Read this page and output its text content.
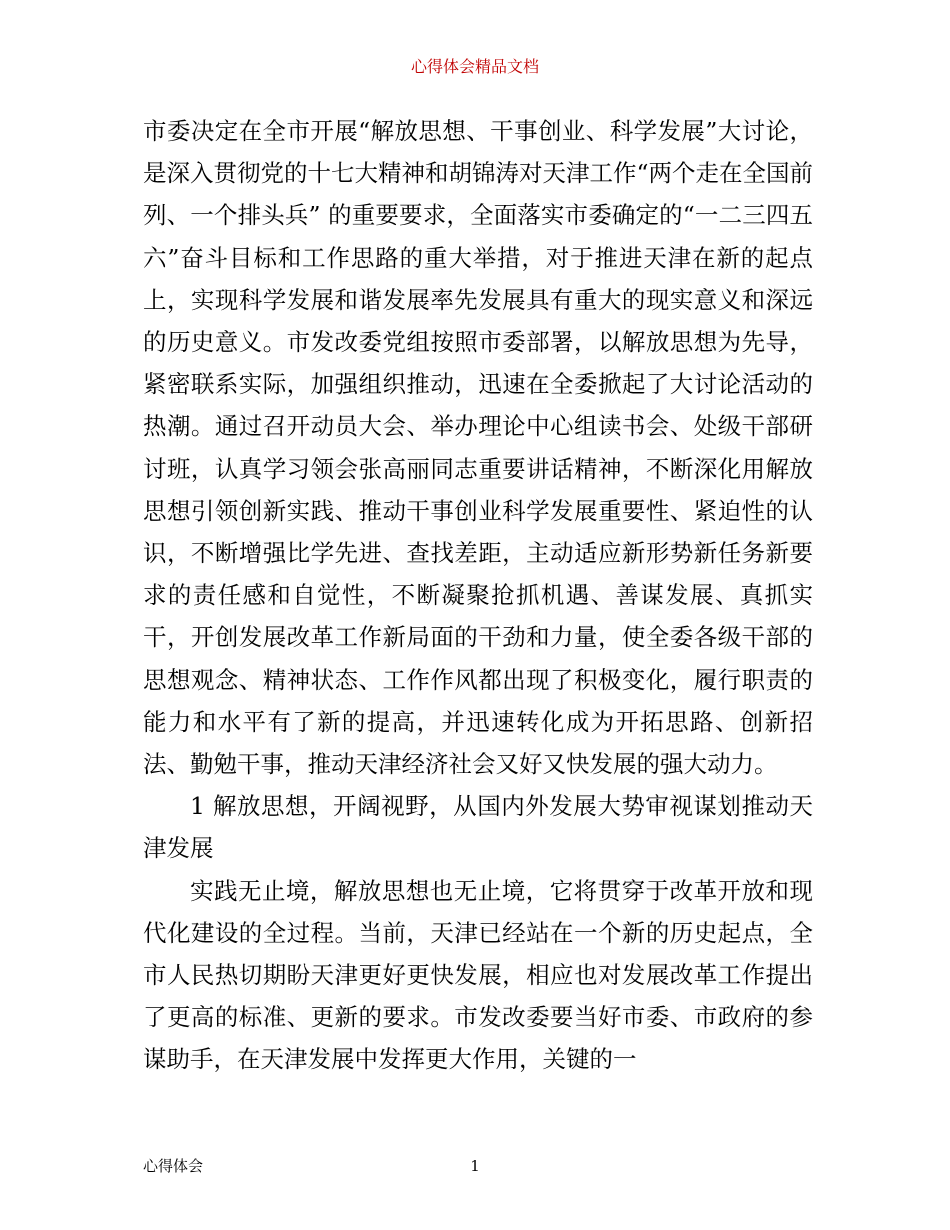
心得体会精品文档

市委决定在全市开展“解放思想、干事创业、科学发展”大讨论，是深入贯彻党的十七大精神和胡锦涛对天津工作“两个走在全国前列、一个排头兵” 的重要要求，全面落实市委确定的“一二三四五六”奋斗目标和工作思路的重大举措，对于推进天津在新的起点上，实现科学发展和谐发展率先发展具有重大的现实意义和深远的历史意义。市发改委党组按照市委部署，以解放思想为先导，紧密联系实际，加强组织推动，迅速在全委掀起了大讨论活动的热潮。通过召开动员大会、举办理论中心组读书会、处级干部研讨班，认真学习领会张高丽同志重要讲话精神，不断深化用解放思想引领创新实践、推动干事创业科学发展重要性、紧迫性的认识，不断增强比学先进、查找差距，主动适应新形势新任务新要求的责任感和自觉性，不断凝聚抢抓机遇、善谋发展、真抓实干，开创发展改革工作新局面的干劲和力量，使全委各级干部的思想观念、精神状态、工作作风都出现了积极变化，履行职责的能力和水平有了新的提高，并迅速转化成为开拓思路、创新招法、勤勉干事，推动天津经济社会又好又快发展的强大动力。

1 解放思想，开阔视野，从国内外发展大势审视谋划推动天津发展

实践无止境，解放思想也无止境，它将贯穿于改革开放和现代化建设的全过程。当前，天津已经站在一个新的历史起点，全市人民热切期盼天津更好更快发展，相应也对发展改革工作提出了更高的标准、更新的要求。市发改委要当好市委、市政府的参谋助手，在天津发展中发挥更大作用，关键的一

心得体会	1
